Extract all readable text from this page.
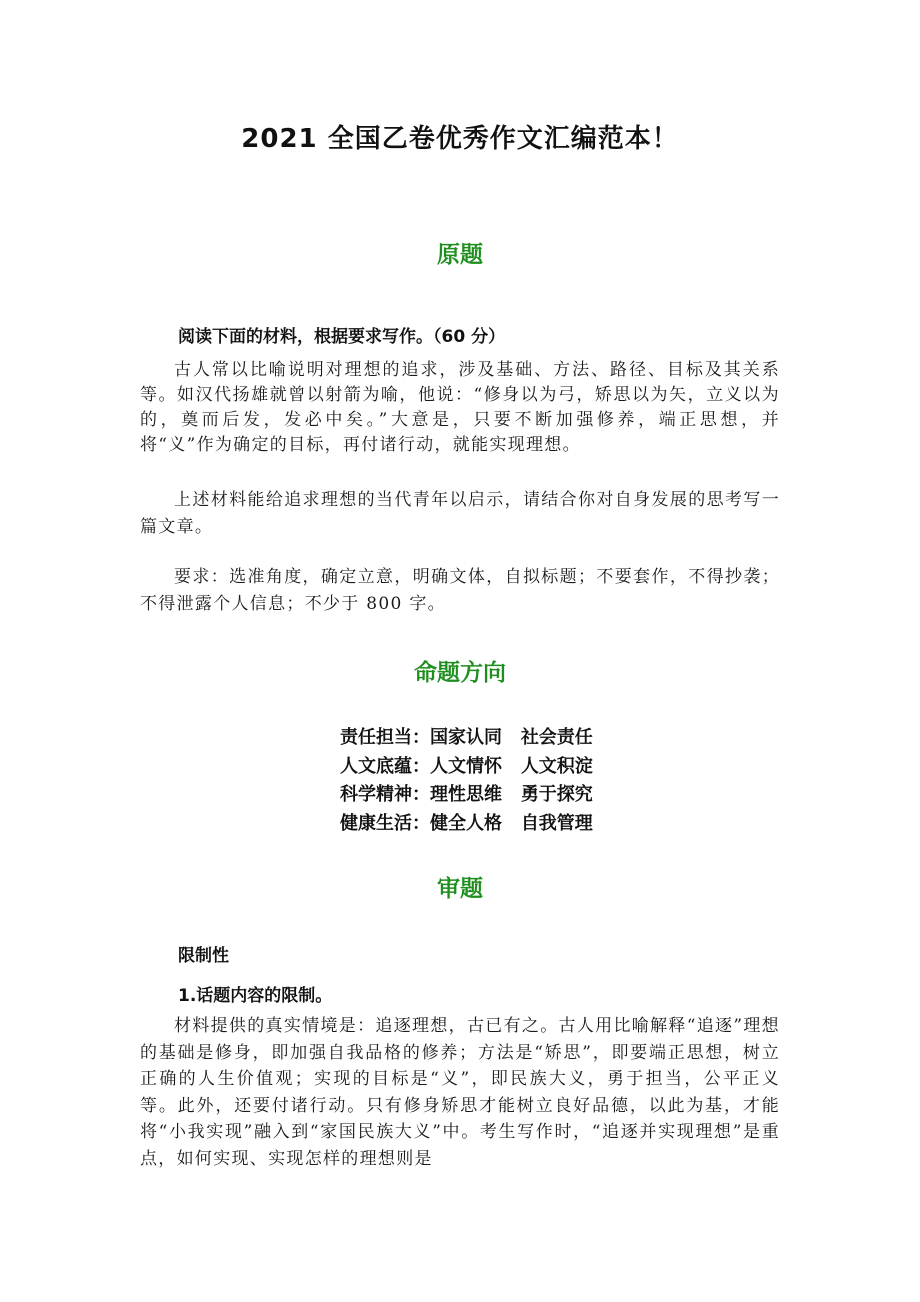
2021 全国乙卷优秀作文汇编范本！
原题
阅读下面的材料，根据要求写作。（60 分）

古人常以比喻说明对理想的追求，涉及基础、方法、路径、目标及其关系等。如汉代扬雄就曾以射箭为喻，他说：“修身以为弓，矫思以为矢，立义以为的，奠而后发，发必中矣。”大意是，只要不断加强修养，端正思想，并将“义”作为确定的目标，再付诸行动，就能实现理想。

上述材料能给追求理想的当代青年以启示，请结合你对自身发展的思考写一篇文章。

要求：选准角度，确定立意，明确文体，自拟标题；不要套作，不得抄袭；不得泄露个人信息；不少于 800 字。

命题方向
责任担当：国家认同 社会责任
人文底蕴：人文情怀 人文积淀
科学精神：理性思维 勇于探究
健康生活：健全人格 自我管理
审题
限制性
1.话题内容的限制。

材料提供的真实情境是：追逐理想，古已有之。古人用比喻解释“追逐”理想的基础是修身，即加强自我品格的修养；方法是“矫思”，即要端正思想，树立正确的人生价值观；实现的目标是“义”，即民族大义，勇于担当，公平正义等。此外，还要付诸行动。只有修身矫思才能树立良好品德，以此为基，才能将“小我实现”融入到“家国民族大义”中。考生写作时，“追逐并实现理想”是重点，如何实现、实现怎样的理想则是
